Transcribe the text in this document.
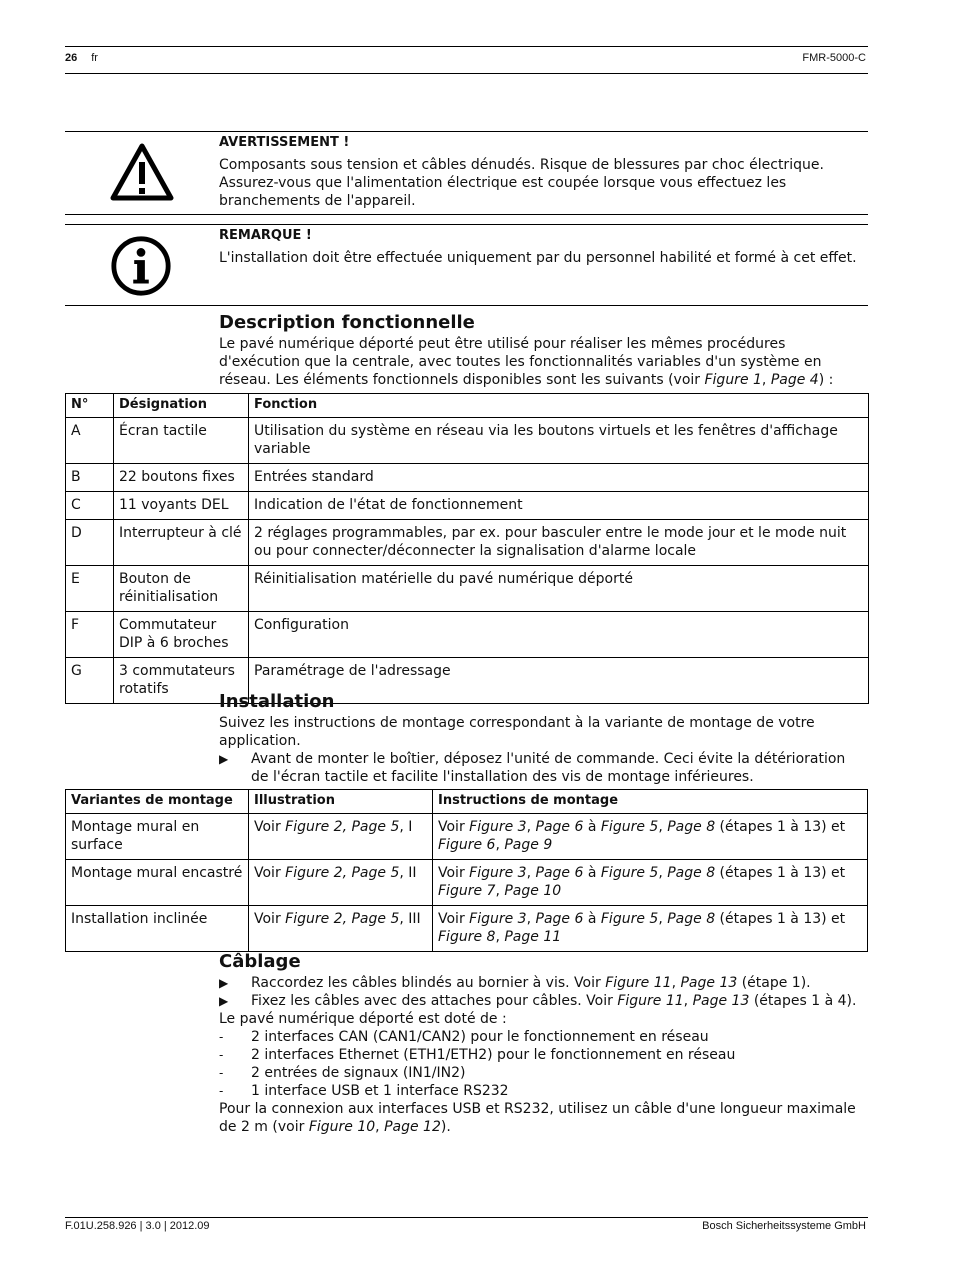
26 fr	FMR-5000-C
AVERTISSEMENT !
Composants sous tension et câbles dénudés. Risque de blessures par choc électrique. Assurez-vous que l'alimentation électrique est coupée lorsque vous effectuez les branchements de l'appareil.
REMARQUE !
L'installation doit être effectuée uniquement par du personnel habilité et formé à cet effet.
Description fonctionnelle

Le pavé numérique déporté peut être utilisé pour réaliser les mêmes procédures d'exécution que la centrale, avec toutes les fonctionnalités variables d'un système en réseau. Les éléments fonctionnels disponibles sont les suivants (voir Figure 1, Page 4) :

N°	Désignation	Fonction
A	Écran tactile	Utilisation du système en réseau via les boutons virtuels et les fenêtres d'affichage variable
B	22 boutons fixes	Entrées standard
C	11 voyants DEL	Indication de l'état de fonctionnement
D	Interrupteur à clé	2 réglages programmables, par ex. pour basculer entre le mode jour et le mode nuit ou pour connecter/déconnecter la signalisation d'alarme locale
E	Bouton de réinitialisation	Réinitialisation matérielle du pavé numérique déporté
F	Commutateur DIP à 6 broches	Configuration
G	3 commutateurs rotatifs	Paramétrage de l'adressage
Installation

Suivez les instructions de montage correspondant à la variante de montage de votre application.

▶ Avant de monter le boîtier, déposez l'unité de commande. Ceci évite la détérioration de l'écran tactile et facilite l'installation des vis de montage inférieures.
Variantes de montage	Illustration	Instructions de montage
Montage mural en surface	Voir Figure 2, Page 5, I	Voir Figure 3, Page 6 à Figure 5, Page 8 (étapes 1 à 13) et Figure 6, Page 9
Montage mural encastré	Voir Figure 2, Page 5, II	Voir Figure 3, Page 6 à Figure 5, Page 8 (étapes 1 à 13) et Figure 7, Page 10
Installation inclinée	Voir Figure 2, Page 5, III	Voir Figure 3, Page 6 à Figure 5, Page 8 (étapes 1 à 13) et Figure 8, Page 11
Câblage
▶ Raccordez les câbles blindés au bornier à vis. Voir Figure 11, Page 13 (étape 1).
▶ Fixez les câbles avec des attaches pour câbles. Voir Figure 11, Page 13 (étapes 1 à 4).

Le pavé numérique déporté est doté de :

- 2 interfaces CAN (CAN1/CAN2) pour le fonctionnement en réseau
- 2 interfaces Ethernet (ETH1/ETH2) pour le fonctionnement en réseau
- 2 entrées de signaux (IN1/IN2)
- 1 interface USB et 1 interface RS232

Pour la connexion aux interfaces USB et RS232, utilisez un câble d'une longueur maximale de 2 m (voir Figure 10, Page 12).

F.01U.258.926 | 3.0 | 2012.09	Bosch Sicherheitssysteme GmbH
